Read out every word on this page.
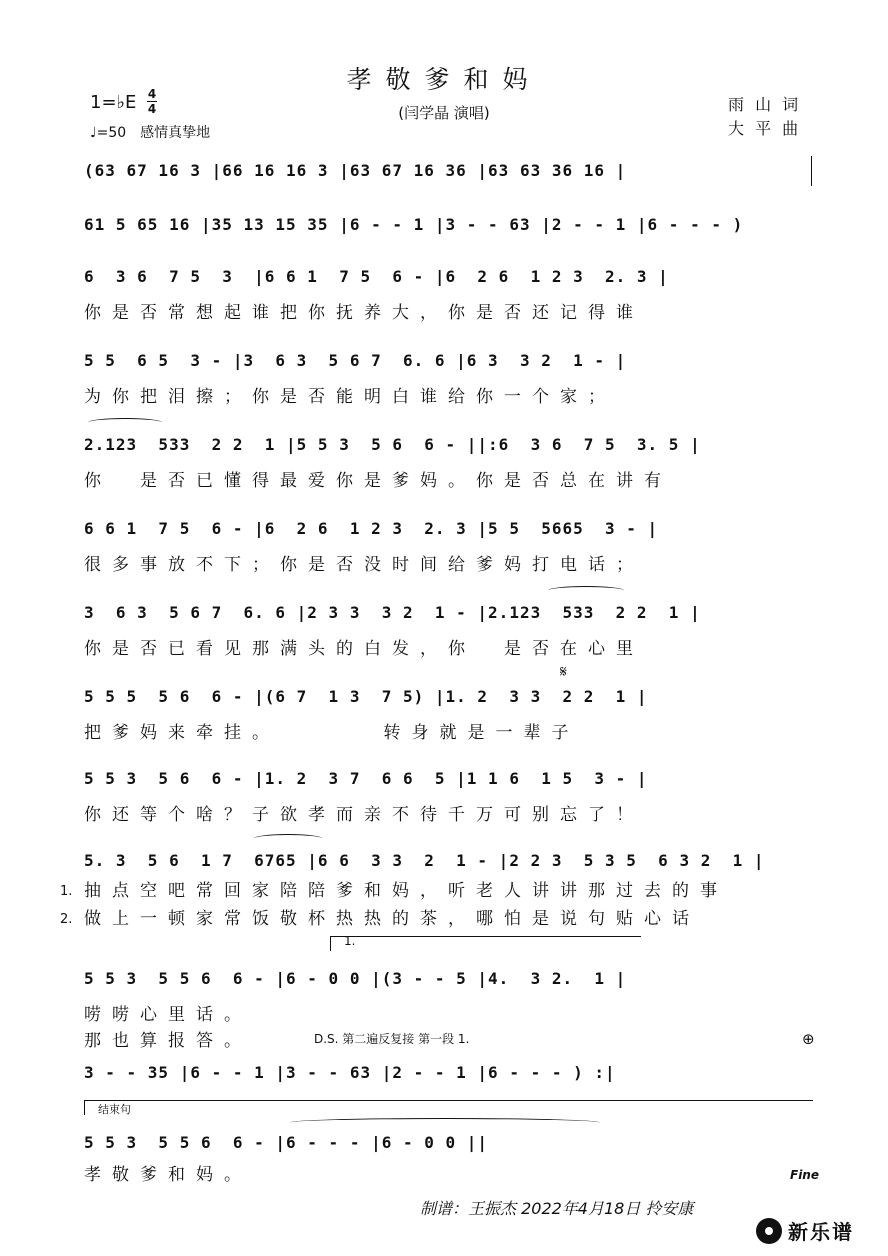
孝敬爹和妈
(闫学晶 演唱)
1=♭E 4
4
♩=50　感情真挚地
雨 山 词
大 平 曲
(63 67 16 3 |66 16 16 3 |63 67 16 36 |63 63 36 16 |
61 5 65 16 |35 13 15 35 |6 - - 1 |3 - - 63 |2 - - 1 |6 - - - )
6  3 6  7 5  3  |6 6 1  7 5  6 - |6  2 6  1 2 3  2. 3 |
你是否常想起谁把你抚养大，你是否还记得谁
5 5  6 5  3 - |3  6 3  5 6 7  6. 6 |6 3  3 2  1 - |
为你把泪擦；你是否能明白谁给你一个家；
2.123  533  2 2  1 |5 5 3  5 6  6 - ||:6  3 6  7 5  3. 5 |
你　是否已懂得最爱你是爹妈。你是否总在讲有
6 6 1  7 5  6 - |6  2 6  1 2 3  2. 3 |5 5  5665  3 - |
很多事放不下；你是否没时间给爹妈打电话；
3  6 3  5 6 7  6. 6 |2 3 3  3 2  1 - |2.123  533  2 2  1 |
你是否已看见那满头的白发，你　是否在心里
𝄋
5 5 5  5 6  6 - |(6 7  1 3  7 5) |1. 2  3 3  2 2  1 |
把爹妈来牵挂。　　　　转身就是一辈子
5 5 3  5 6  6 - |1. 2  3 7  6 6  5 |1 1 6  1 5  3 - |
你还等个啥？子欲孝而亲不待千万可别忘了！
5. 3  5 6  1 7  6765 |6 6  3 3  2  1 - |2 2 3  5 3 5  6 3 2  1 |
1. 抽点空吧常回家陪陪爹和妈，听老人讲讲那过去的事
2. 做上一顿家常饭敬杯热热的茶，哪怕是说句贴心话
1.
5 5 3  5 5 6  6 - |6 - 0 0 |(3 - - 5 |4.  3 2.  1 |
唠唠心里话。
那也算报答。	D.S. 第二遍反复接 第一段 1.	⊕
3 - - 35 |6 - - 1 |3 - - 63 |2 - - 1 |6 - - - ) :|
结束句
5 5 3  5 5 6  6 - |6 - - - |6 - 0 0 ||
孝敬爹和妈。	Fine
制谱：王振杰 2022年4月18日 拎安康
新乐谱
